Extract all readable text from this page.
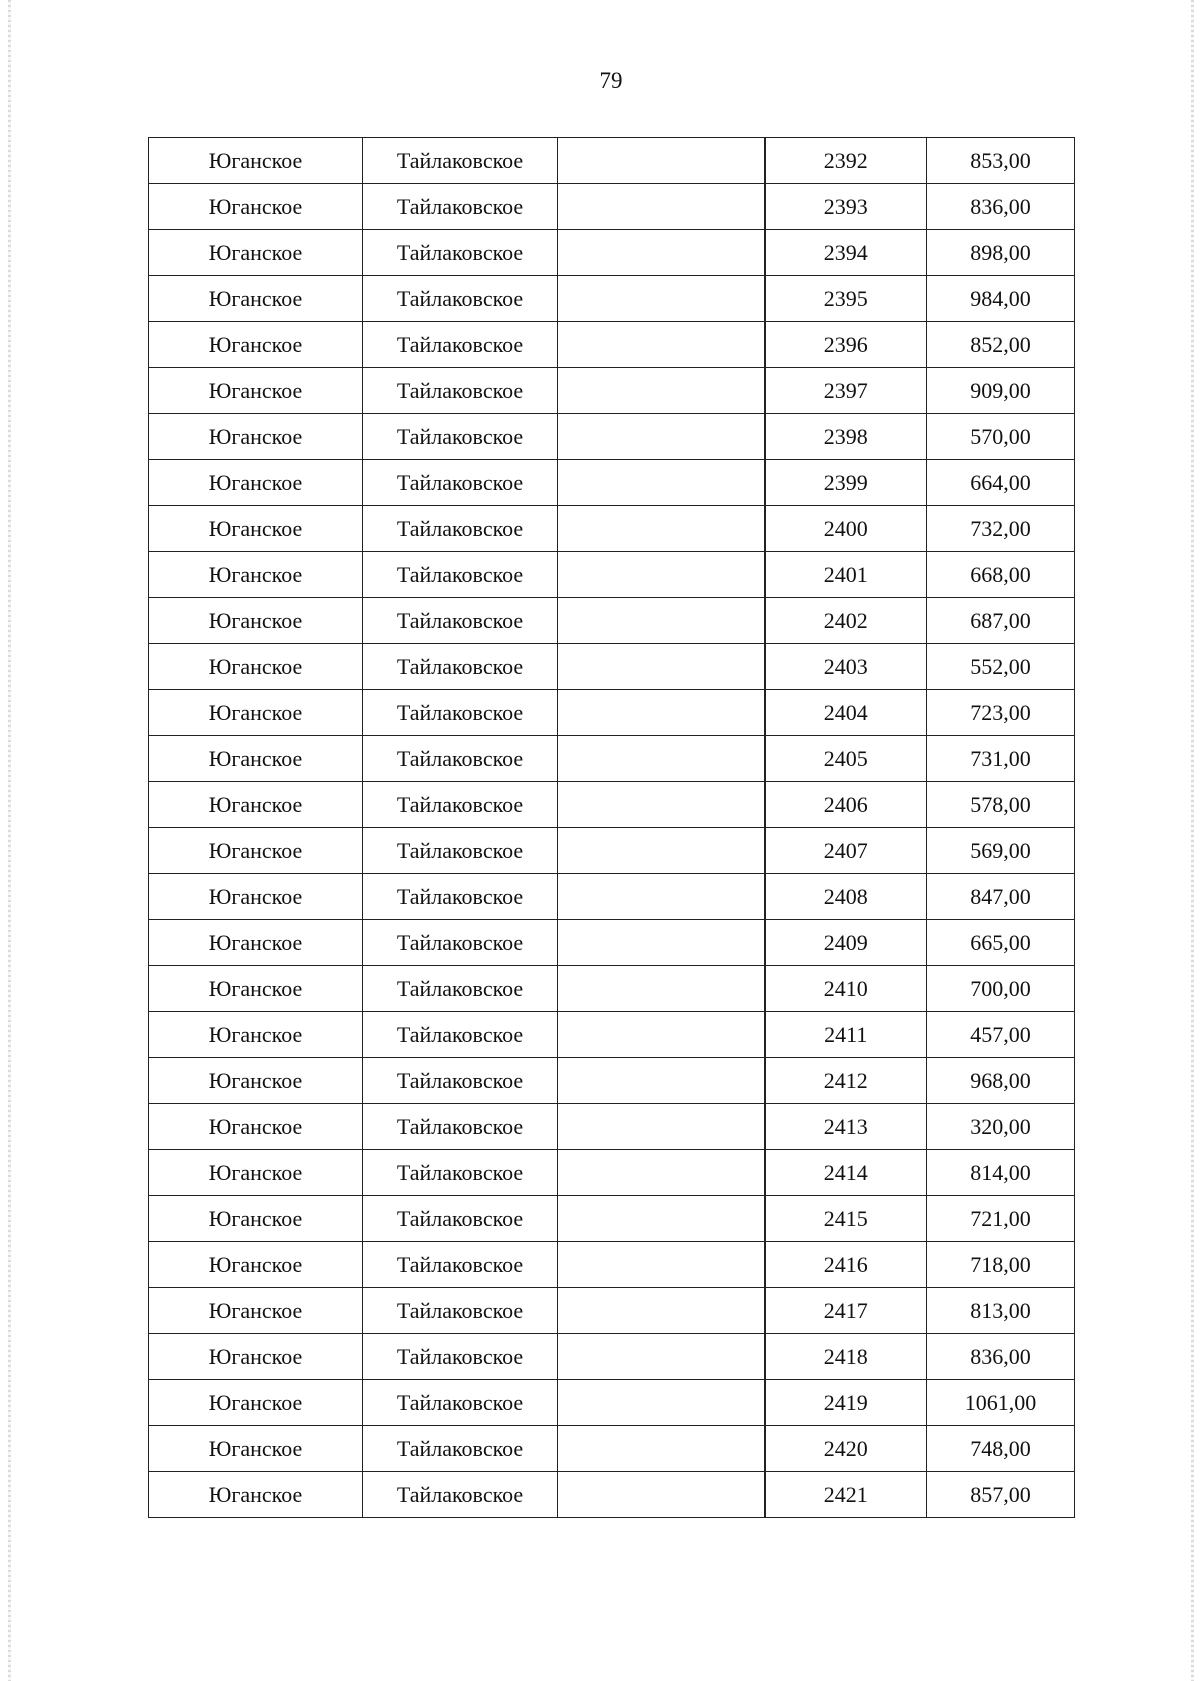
79
Юганское	Тайлаковское		2392	853,00
Юганское	Тайлаковское		2393	836,00
Юганское	Тайлаковское		2394	898,00
Юганское	Тайлаковское		2395	984,00
Юганское	Тайлаковское		2396	852,00
Юганское	Тайлаковское		2397	909,00
Юганское	Тайлаковское		2398	570,00
Юганское	Тайлаковское		2399	664,00
Юганское	Тайлаковское		2400	732,00
Юганское	Тайлаковское		2401	668,00
Юганское	Тайлаковское		2402	687,00
Юганское	Тайлаковское		2403	552,00
Юганское	Тайлаковское		2404	723,00
Юганское	Тайлаковское		2405	731,00
Юганское	Тайлаковское		2406	578,00
Юганское	Тайлаковское		2407	569,00
Юганское	Тайлаковское		2408	847,00
Юганское	Тайлаковское		2409	665,00
Юганское	Тайлаковское		2410	700,00
Юганское	Тайлаковское		2411	457,00
Юганское	Тайлаковское		2412	968,00
Юганское	Тайлаковское		2413	320,00
Юганское	Тайлаковское		2414	814,00
Юганское	Тайлаковское		2415	721,00
Юганское	Тайлаковское		2416	718,00
Юганское	Тайлаковское		2417	813,00
Юганское	Тайлаковское		2418	836,00
Юганское	Тайлаковское		2419	1061,00
Юганское	Тайлаковское		2420	748,00
Юганское	Тайлаковское		2421	857,00
